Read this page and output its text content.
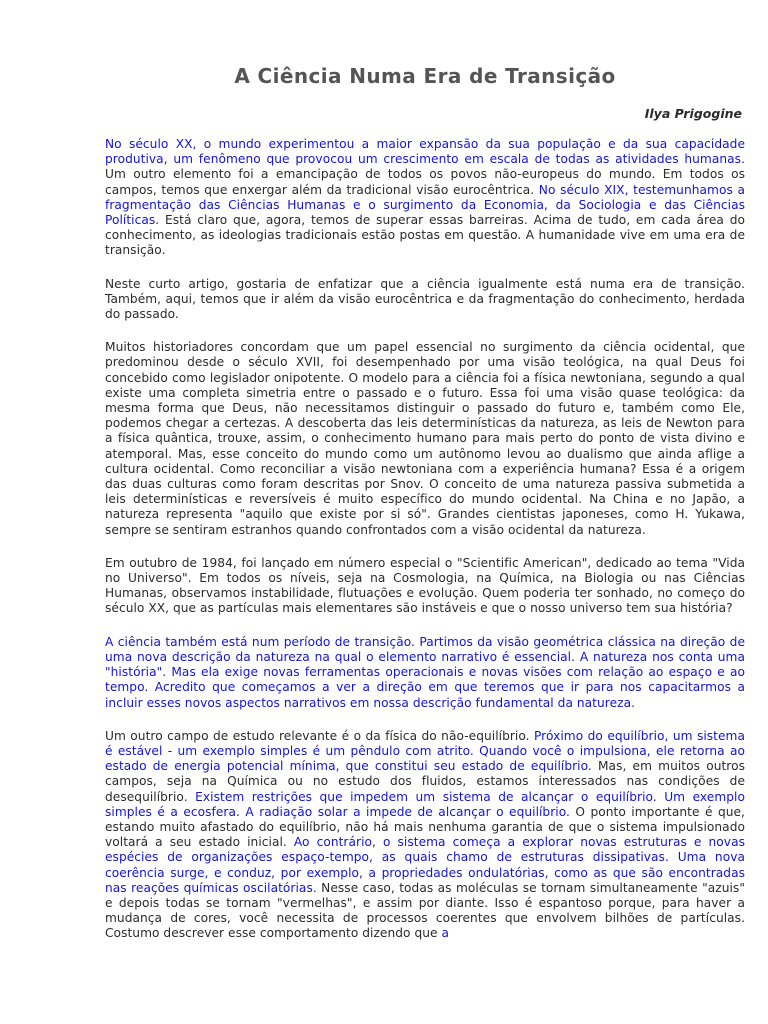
A Ciência Numa Era de Transição
Ilya Prigogine

No século XX, o mundo experimentou a maior expansão da sua população e da sua capacidade produtiva, um fenômeno que provocou um crescimento em escala de todas as atividades humanas. Um outro elemento foi a emancipação de todos os povos não-europeus do mundo. Em todos os campos, temos que enxergar além da tradicional visão eurocêntrica. No século XIX, testemunhamos a fragmentação das Ciências Humanas e o surgimento da Economia, da Sociologia e das Ciências Políticas. Está claro que, agora, temos de superar essas barreiras. Acima de tudo, em cada área do conhecimento, as ideologias tradicionais estão postas em questão. A humanidade vive em uma era de transição.

Neste curto artigo, gostaria de enfatizar que a ciência igualmente está numa era de transição. Também, aqui, temos que ir além da visão eurocêntrica e da fragmentação do conhecimento, herdada do passado.

Muitos historiadores concordam que um papel essencial no surgimento da ciência ocidental, que predominou desde o século XVII, foi desempenhado por uma visão teológica, na qual Deus foi concebido como legislador onipotente. O modelo para a ciência foi a física newtoniana, segundo a qual existe uma completa simetria entre o passado e o futuro. Essa foi uma visão quase teológica: da mesma forma que Deus, não necessitamos distinguir o passado do futuro e, também como Ele, podemos chegar a certezas. A descoberta das leis determinísticas da natureza, as leis de Newton para a física quântica, trouxe, assim, o conhecimento humano para mais perto do ponto de vista divino e atemporal. Mas, esse conceito do mundo como um autônomo levou ao dualismo que ainda aflige a cultura ocidental. Como reconciliar a visão newtoniana com a experiência humana? Essa é a origem das duas culturas como foram descritas por Snov. O conceito de uma natureza passiva submetida a leis determinísticas e reversíveis é muito específico do mundo ocidental. Na China e no Japão, a natureza representa "aquilo que existe por si só". Grandes cientistas japoneses, como H. Yukawa, sempre se sentiram estranhos quando confrontados com a visão ocidental da natureza.

Em outubro de 1984, foi lançado em número especial o "Scientific American", dedicado ao tema "Vida no Universo". Em todos os níveis, seja na Cosmologia, na Química, na Biologia ou nas Ciências Humanas, observamos instabilidade, flutuações e evolução. Quem poderia ter sonhado, no começo do século XX, que as partículas mais elementares são instáveis e que o nosso universo tem sua história?

A ciência também está num período de transição. Partimos da visão geométrica clássica na direção de uma nova descrição da natureza na qual o elemento narrativo é essencial. A natureza nos conta uma "história". Mas ela exige novas ferramentas operacionais e novas visões com relação ao espaço e ao tempo. Acredito que começamos a ver a direção em que teremos que ir para nos capacitarmos a incluir esses novos aspectos narrativos em nossa descrição fundamental da natureza.

Um outro campo de estudo relevante é o da física do não-equilíbrio. Próximo do equilíbrio, um sistema é estável - um exemplo simples é um pêndulo com atrito. Quando você o impulsiona, ele retorna ao estado de energia potencial mínima, que constitui seu estado de equilíbrio. Mas, em muitos outros campos, seja na Química ou no estudo dos fluidos, estamos interessados nas condições de desequilíbrio. Existem restrições que impedem um sistema de alcançar o equilíbrio. Um exemplo simples é a ecosfera. A radiação solar a impede de alcançar o equilíbrio. O ponto importante é que, estando muito afastado do equilíbrio, não há mais nenhuma garantia de que o sistema impulsionado voltará a seu estado inicial. Ao contrário, o sistema começa a explorar novas estruturas e novas espécies de organizações espaço-tempo, as quais chamo de estruturas dissipativas. Uma nova coerência surge, e conduz, por exemplo, a propriedades ondulatórias, como as que são encontradas nas reações químicas oscilatórias. Nesse caso, todas as moléculas se tornam simultaneamente "azuis" e depois todas se tornam "vermelhas", e assim por diante. Isso é espantoso porque, para haver a mudança de cores, você necessita de processos coerentes que envolvem bilhões de partículas. Costumo descrever esse comportamento dizendo que a
